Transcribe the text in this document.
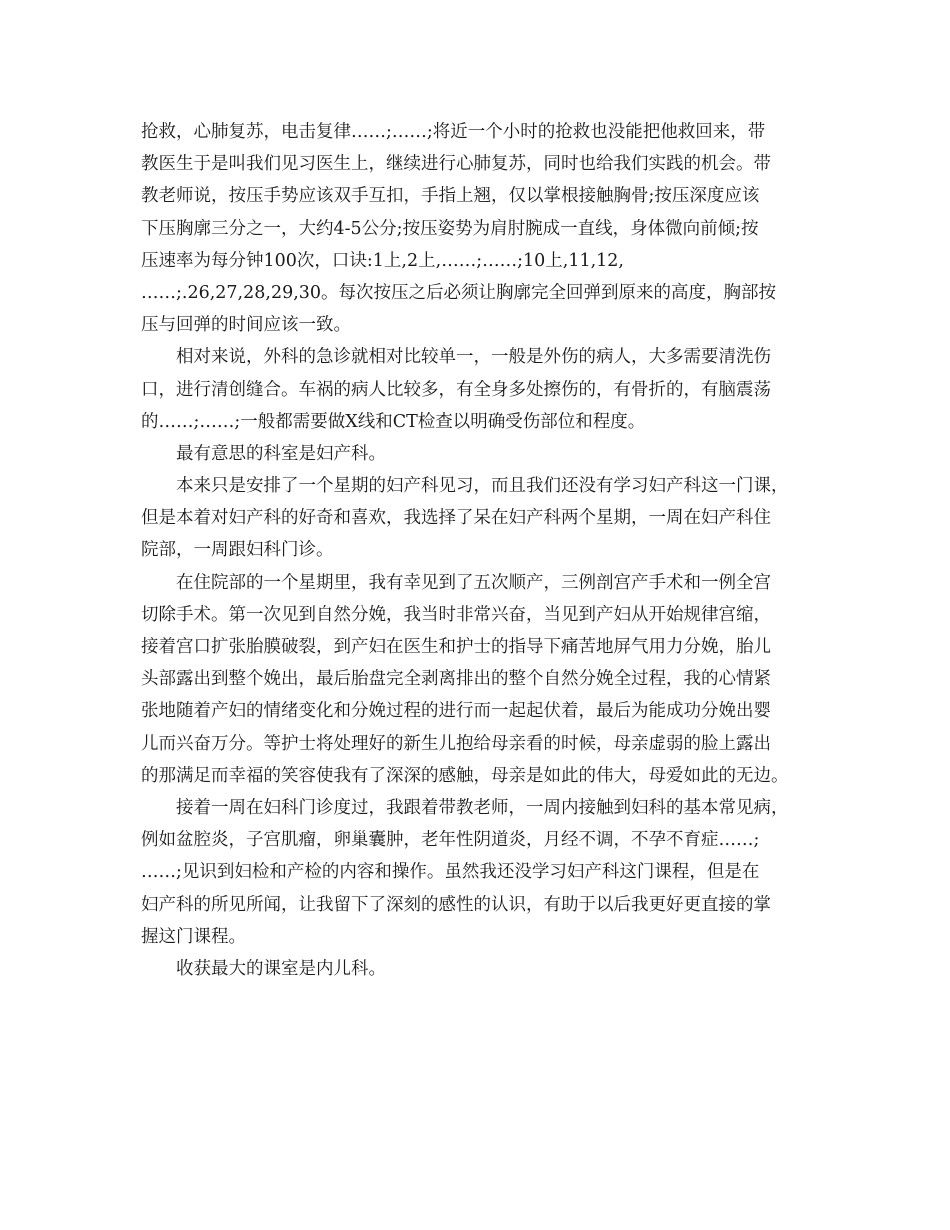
抢救，心肺复苏，电击复律……;……;将近一个小时的抢救也没能把他救回来，带
教医生于是叫我们见习医生上，继续进行心肺复苏，同时也给我们实践的机会。带
教老师说，按压手势应该双手互扣，手指上翘，仅以掌根接触胸骨;按压深度应该
下压胸廓三分之一，大约4-5公分;按压姿势为肩肘腕成一直线，身体微向前倾;按
压速率为每分钟100次，口诀:1上,2上,……;……;10上,11,12,
……;.26,27,28,29,30。每次按压之后必须让胸廓完全回弹到原来的高度，胸部按
压与回弹的时间应该一致。
相对来说，外科的急诊就相对比较单一，一般是外伤的病人，大多需要清洗伤
口，进行清创缝合。车祸的病人比较多，有全身多处擦伤的，有骨折的，有脑震荡
的……;……;一般都需要做X线和CT检查以明确受伤部位和程度。
最有意思的科室是妇产科。
本来只是安排了一个星期的妇产科见习，而且我们还没有学习妇产科这一门课，
但是本着对妇产科的好奇和喜欢，我选择了呆在妇产科两个星期，一周在妇产科住
院部，一周跟妇科门诊。
在住院部的一个星期里，我有幸见到了五次顺产，三例剖宫产手术和一例全宫
切除手术。第一次见到自然分娩，我当时非常兴奋，当见到产妇从开始规律宫缩，
接着宫口扩张胎膜破裂，到产妇在医生和护士的指导下痛苦地屏气用力分娩，胎儿
头部露出到整个娩出，最后胎盘完全剥离排出的整个自然分娩全过程，我的心情紧
张地随着产妇的情绪变化和分娩过程的进行而一起起伏着，最后为能成功分娩出婴
儿而兴奋万分。等护士将处理好的新生儿抱给母亲看的时候，母亲虚弱的脸上露出
的那满足而幸福的笑容使我有了深深的感触，母亲是如此的伟大，母爱如此的无边。
接着一周在妇科门诊度过，我跟着带教老师，一周内接触到妇科的基本常见病，
例如盆腔炎，子宫肌瘤，卵巢囊肿，老年性阴道炎，月经不调，不孕不育症……;
……;见识到妇检和产检的内容和操作。虽然我还没学习妇产科这门课程，但是在
妇产科的所见所闻，让我留下了深刻的感性的认识，有助于以后我更好更直接的掌
握这门课程。
收获最大的课室是内儿科。
